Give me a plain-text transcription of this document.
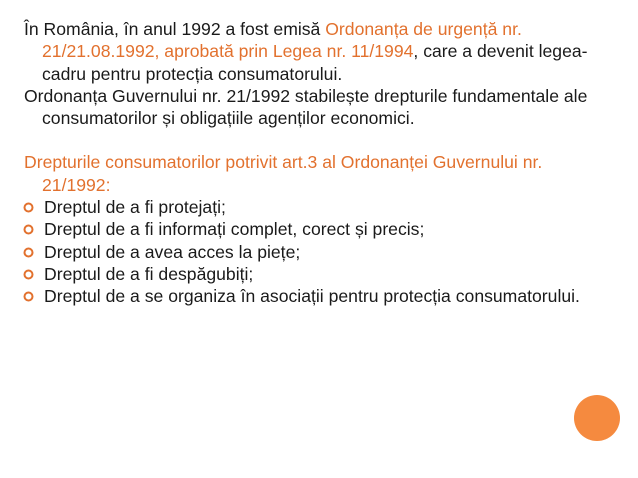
În România, în anul 1992 a fost emisă Ordonanța de urgență nr. 21/21.08.1992, aprobată prin Legea nr. 11/1994, care a devenit legea-cadru pentru protecția consumatorului.

Ordonanța Guvernului nr. 21/1992 stabilește drepturile fundamentale ale consumatorilor și obligațiile agenților economici.

Drepturile consumatorilor potrivit art.3 al Ordonanței Guvernului nr. 21/1992:

Dreptul de a fi protejați;
Dreptul de a fi informați complet, corect și precis;
Dreptul de a avea acces la piețe;
Dreptul de a fi despăgubiți;
Dreptul de a se organiza în asociații pentru protecția consumatorului.
